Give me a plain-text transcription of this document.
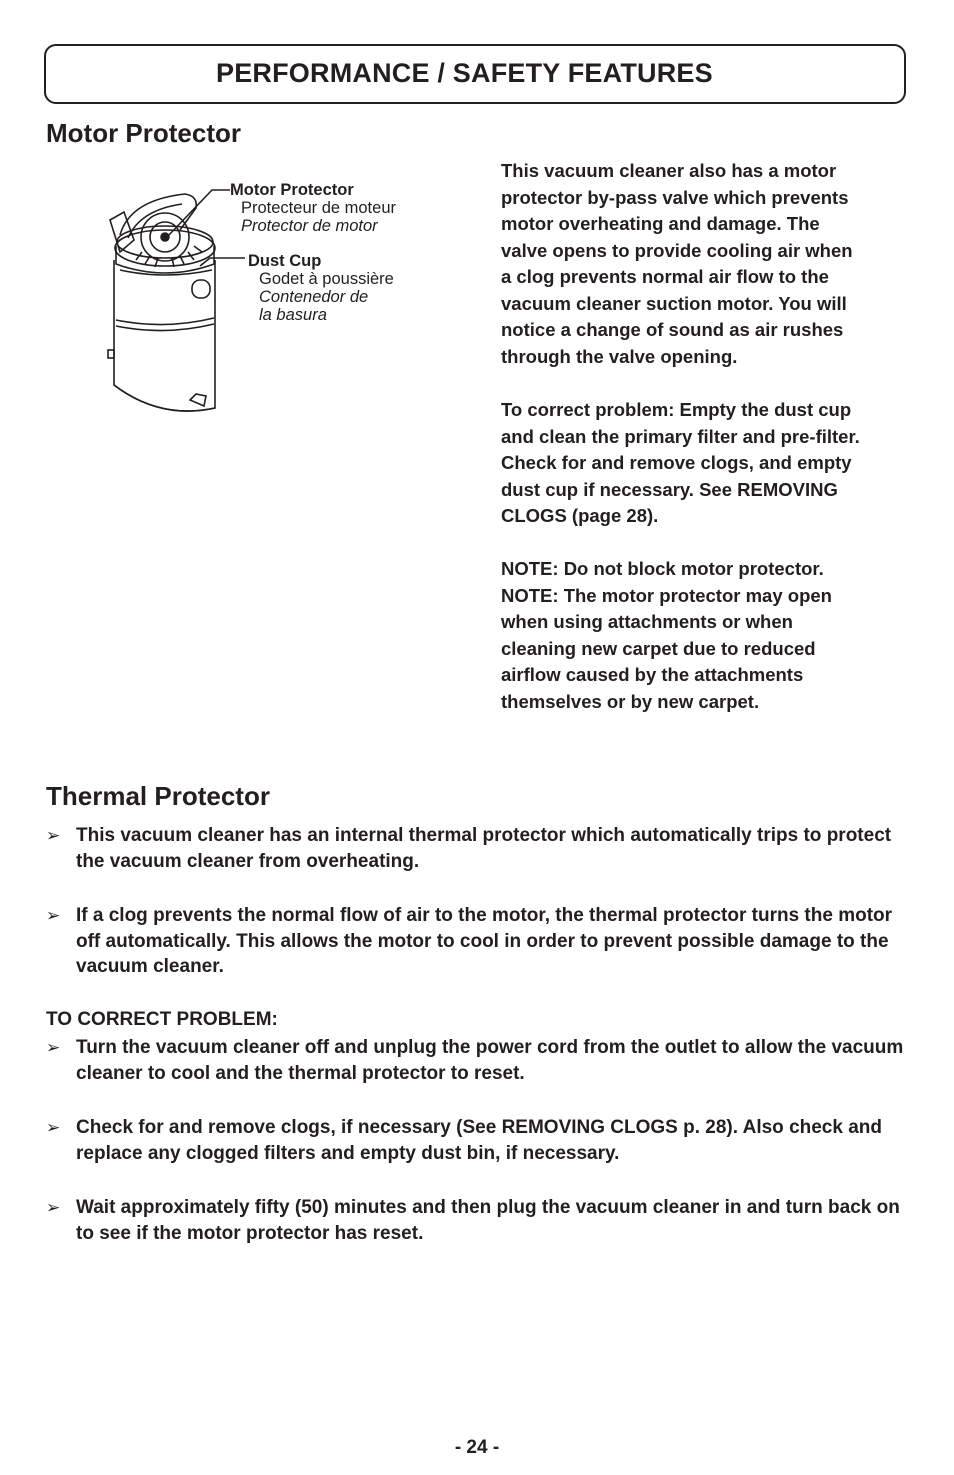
PERFORMANCE / SAFETY FEATURES
Motor Protector
Motor Protector
Protecteur de moteur
Protector de motor
Dust Cup
Godet à poussière
Contenedor de
la basura

This vacuum cleaner also has a motor

protector by-pass valve which prevents

motor overheating and damage. The

valve opens to provide cooling air when

a clog prevents normal air flow to the

vacuum cleaner suction motor. You will

notice a change of sound as air rushes

through the valve opening.

To correct problem: Empty the dust cup

and clean the primary filter and pre-filter.

Check for and remove clogs, and empty

dust cup if necessary. See REMOVING

CLOGS (page 28).

NOTE: Do not block motor protector.

NOTE: The motor protector may open

when using attachments or when

cleaning new carpet due to reduced

airflow caused by the attachments

themselves or by new carpet.

Thermal Protector
➢ This vacuum cleaner has an internal thermal protector which automatically trips to protect the vacuum cleaner from overheating.
➢ If a clog prevents the normal flow of air to the motor, the thermal protector turns the motor off automatically. This allows the motor to cool in order to prevent possible damage to the vacuum cleaner.
TO CORRECT PROBLEM:
➢ Turn the vacuum cleaner off and unplug the power cord from the outlet to allow the vacuum cleaner to cool and the thermal protector to reset.
➢ Check for and remove clogs, if necessary (See REMOVING CLOGS p. 28). Also check and replace any clogged filters and empty dust bin, if necessary.
➢ Wait approximately fifty (50) minutes and then plug the vacuum cleaner in and turn back on to see if the motor protector has reset.
- 24 -
